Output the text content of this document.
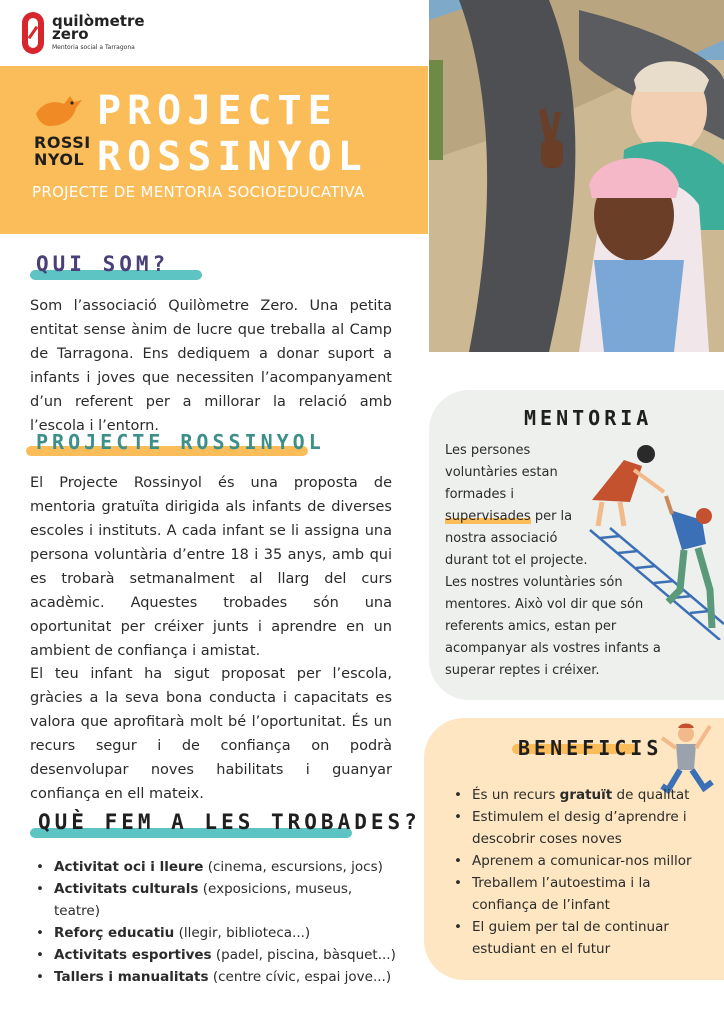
quilòmetre
zero
Mentoria social a Tarragona
ROSSI
NYOL
PROJECTE
ROSSINYOL
PROJECTE DE MENTORIA SOCIOEDUCATIVA
QUI SOM?
Som l’associació Quilòmetre Zero. Una petita entitat sense ànim de lucre que treballa al Camp de Tarragona. Ens dediquem a donar suport a infants i joves que necessiten l’acompanyament d’un referent per a millorar la relació amb l’escola i l’entorn.
PROJECTE ROSSINYOL
El Projecte Rossinyol és una proposta de mentoria gratuïta dirigida als infants de diverses escoles i instituts. A cada infant se li assigna una persona voluntària d’entre 18 i 35 anys, amb qui es trobarà setmanalment al llarg del curs acadèmic. Aquestes trobades són una oportunitat per créixer junts i aprendre en un ambient de confiança i amistat.
El teu infant ha sigut proposat per l’escola, gràcies a la seva bona conducta i capacitats es valora que aprofitarà molt bé l’oportunitat. És un recurs segur i de confiança on podrà desenvolupar noves habilitats i guanyar confiança en ell mateix.
QUÈ FEM A LES TROBADES?
• Activitat oci i lleure (cinema, escursions, jocs)
• Activitats culturals (exposicions, museus, teatre)
• Reforç educatiu (llegir, biblioteca...)
• Activitats esportives (padel, piscina, bàsquet...)
• Tallers i manualitats (centre cívic, espai jove...)
MENTORIA
Les persones
voluntàries estan
formades i
supervisades per la
nostra associació
durant tot el projecte.
Les nostres voluntàries són
mentores. Això vol dir que són
referents amics, estan per
acompanyar als vostres infants a
superar reptes i créixer.
BENEFICIS
• És un recurs gratuït de qualitat
• Estimulem el desig d’aprendre i descobrir coses noves
• Aprenem a comunicar-nos millor
• Treballem l’autoestima i la confiança de l’infant
• El guiem per tal de continuar estudiant en el futur
